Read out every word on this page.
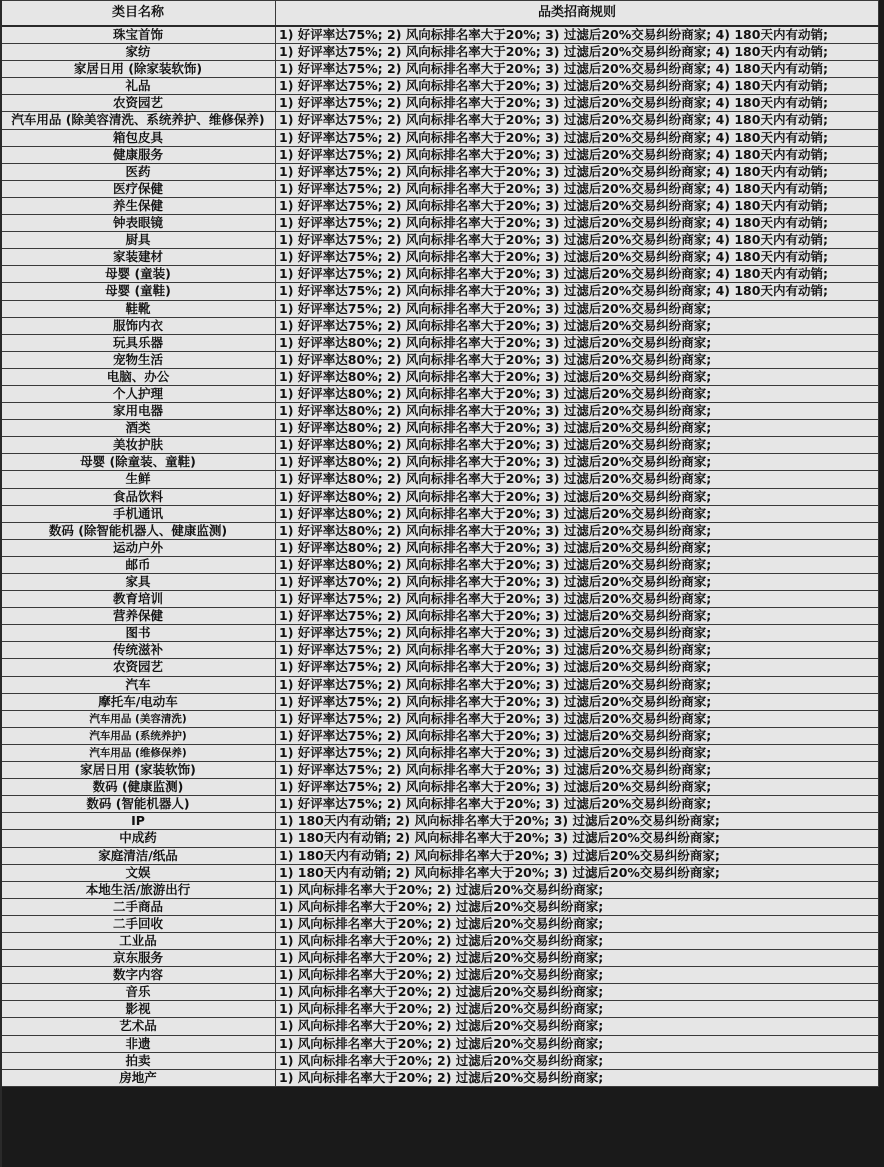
类目名称	品类招商规则
珠宝首饰	1) 好评率达75%; 2) 风向标排名率大于20%; 3) 过滤后20%交易纠纷商家; 4) 180天内有动销;
家纺	1) 好评率达75%; 2) 风向标排名率大于20%; 3) 过滤后20%交易纠纷商家; 4) 180天内有动销;
家居日用 (除家装软饰)	1) 好评率达75%; 2) 风向标排名率大于20%; 3) 过滤后20%交易纠纷商家; 4) 180天内有动销;
礼品	1) 好评率达75%; 2) 风向标排名率大于20%; 3) 过滤后20%交易纠纷商家; 4) 180天内有动销;
农资园艺	1) 好评率达75%; 2) 风向标排名率大于20%; 3) 过滤后20%交易纠纷商家; 4) 180天内有动销;
汽车用品 (除美容清洗、系统养护、维修保养)	1) 好评率达75%; 2) 风向标排名率大于20%; 3) 过滤后20%交易纠纷商家; 4) 180天内有动销;
箱包皮具	1) 好评率达75%; 2) 风向标排名率大于20%; 3) 过滤后20%交易纠纷商家; 4) 180天内有动销;
健康服务	1) 好评率达75%; 2) 风向标排名率大于20%; 3) 过滤后20%交易纠纷商家; 4) 180天内有动销;
医药	1) 好评率达75%; 2) 风向标排名率大于20%; 3) 过滤后20%交易纠纷商家; 4) 180天内有动销;
医疗保健	1) 好评率达75%; 2) 风向标排名率大于20%; 3) 过滤后20%交易纠纷商家; 4) 180天内有动销;
养生保健	1) 好评率达75%; 2) 风向标排名率大于20%; 3) 过滤后20%交易纠纷商家; 4) 180天内有动销;
钟表眼镜	1) 好评率达75%; 2) 风向标排名率大于20%; 3) 过滤后20%交易纠纷商家; 4) 180天内有动销;
厨具	1) 好评率达75%; 2) 风向标排名率大于20%; 3) 过滤后20%交易纠纷商家; 4) 180天内有动销;
家装建材	1) 好评率达75%; 2) 风向标排名率大于20%; 3) 过滤后20%交易纠纷商家; 4) 180天内有动销;
母婴 (童装)	1) 好评率达75%; 2) 风向标排名率大于20%; 3) 过滤后20%交易纠纷商家; 4) 180天内有动销;
母婴 (童鞋)	1) 好评率达75%; 2) 风向标排名率大于20%; 3) 过滤后20%交易纠纷商家; 4) 180天内有动销;
鞋靴	1) 好评率达75%; 2) 风向标排名率大于20%; 3) 过滤后20%交易纠纷商家;
服饰内衣	1) 好评率达75%; 2) 风向标排名率大于20%; 3) 过滤后20%交易纠纷商家;
玩具乐器	1) 好评率达80%; 2) 风向标排名率大于20%; 3) 过滤后20%交易纠纷商家;
宠物生活	1) 好评率达80%; 2) 风向标排名率大于20%; 3) 过滤后20%交易纠纷商家;
电脑、办公	1) 好评率达80%; 2) 风向标排名率大于20%; 3) 过滤后20%交易纠纷商家;
个人护理	1) 好评率达80%; 2) 风向标排名率大于20%; 3) 过滤后20%交易纠纷商家;
家用电器	1) 好评率达80%; 2) 风向标排名率大于20%; 3) 过滤后20%交易纠纷商家;
酒类	1) 好评率达80%; 2) 风向标排名率大于20%; 3) 过滤后20%交易纠纷商家;
美妆护肤	1) 好评率达80%; 2) 风向标排名率大于20%; 3) 过滤后20%交易纠纷商家;
母婴 (除童装、童鞋)	1) 好评率达80%; 2) 风向标排名率大于20%; 3) 过滤后20%交易纠纷商家;
生鲜	1) 好评率达80%; 2) 风向标排名率大于20%; 3) 过滤后20%交易纠纷商家;
食品饮料	1) 好评率达80%; 2) 风向标排名率大于20%; 3) 过滤后20%交易纠纷商家;
手机通讯	1) 好评率达80%; 2) 风向标排名率大于20%; 3) 过滤后20%交易纠纷商家;
数码 (除智能机器人、健康监测)	1) 好评率达80%; 2) 风向标排名率大于20%; 3) 过滤后20%交易纠纷商家;
运动户外	1) 好评率达80%; 2) 风向标排名率大于20%; 3) 过滤后20%交易纠纷商家;
邮币	1) 好评率达80%; 2) 风向标排名率大于20%; 3) 过滤后20%交易纠纷商家;
家具	1) 好评率达70%; 2) 风向标排名率大于20%; 3) 过滤后20%交易纠纷商家;
教育培训	1) 好评率达75%; 2) 风向标排名率大于20%; 3) 过滤后20%交易纠纷商家;
营养保健	1) 好评率达75%; 2) 风向标排名率大于20%; 3) 过滤后20%交易纠纷商家;
图书	1) 好评率达75%; 2) 风向标排名率大于20%; 3) 过滤后20%交易纠纷商家;
传统滋补	1) 好评率达75%; 2) 风向标排名率大于20%; 3) 过滤后20%交易纠纷商家;
农资园艺	1) 好评率达75%; 2) 风向标排名率大于20%; 3) 过滤后20%交易纠纷商家;
汽车	1) 好评率达75%; 2) 风向标排名率大于20%; 3) 过滤后20%交易纠纷商家;
摩托车/电动车	1) 好评率达75%; 2) 风向标排名率大于20%; 3) 过滤后20%交易纠纷商家;
汽车用品 (美容清洗)	1) 好评率达75%; 2) 风向标排名率大于20%; 3) 过滤后20%交易纠纷商家;
汽车用品 (系统养护)	1) 好评率达75%; 2) 风向标排名率大于20%; 3) 过滤后20%交易纠纷商家;
汽车用品 (维修保养)	1) 好评率达75%; 2) 风向标排名率大于20%; 3) 过滤后20%交易纠纷商家;
家居日用 (家装软饰)	1) 好评率达75%; 2) 风向标排名率大于20%; 3) 过滤后20%交易纠纷商家;
数码 (健康监测)	1) 好评率达75%; 2) 风向标排名率大于20%; 3) 过滤后20%交易纠纷商家;
数码 (智能机器人)	1) 好评率达75%; 2) 风向标排名率大于20%; 3) 过滤后20%交易纠纷商家;
IP	1) 180天内有动销; 2) 风向标排名率大于20%; 3) 过滤后20%交易纠纷商家;
中成药	1) 180天内有动销; 2) 风向标排名率大于20%; 3) 过滤后20%交易纠纷商家;
家庭清洁/纸品	1) 180天内有动销; 2) 风向标排名率大于20%; 3) 过滤后20%交易纠纷商家;
文娱	1) 180天内有动销; 2) 风向标排名率大于20%; 3) 过滤后20%交易纠纷商家;
本地生活/旅游出行	1) 风向标排名率大于20%; 2) 过滤后20%交易纠纷商家;
二手商品	1) 风向标排名率大于20%; 2) 过滤后20%交易纠纷商家;
二手回收	1) 风向标排名率大于20%; 2) 过滤后20%交易纠纷商家;
工业品	1) 风向标排名率大于20%; 2) 过滤后20%交易纠纷商家;
京东服务	1) 风向标排名率大于20%; 2) 过滤后20%交易纠纷商家;
数字内容	1) 风向标排名率大于20%; 2) 过滤后20%交易纠纷商家;
音乐	1) 风向标排名率大于20%; 2) 过滤后20%交易纠纷商家;
影视	1) 风向标排名率大于20%; 2) 过滤后20%交易纠纷商家;
艺术品	1) 风向标排名率大于20%; 2) 过滤后20%交易纠纷商家;
非遗	1) 风向标排名率大于20%; 2) 过滤后20%交易纠纷商家;
拍卖	1) 风向标排名率大于20%; 2) 过滤后20%交易纠纷商家;
房地产	1) 风向标排名率大于20%; 2) 过滤后20%交易纠纷商家;
